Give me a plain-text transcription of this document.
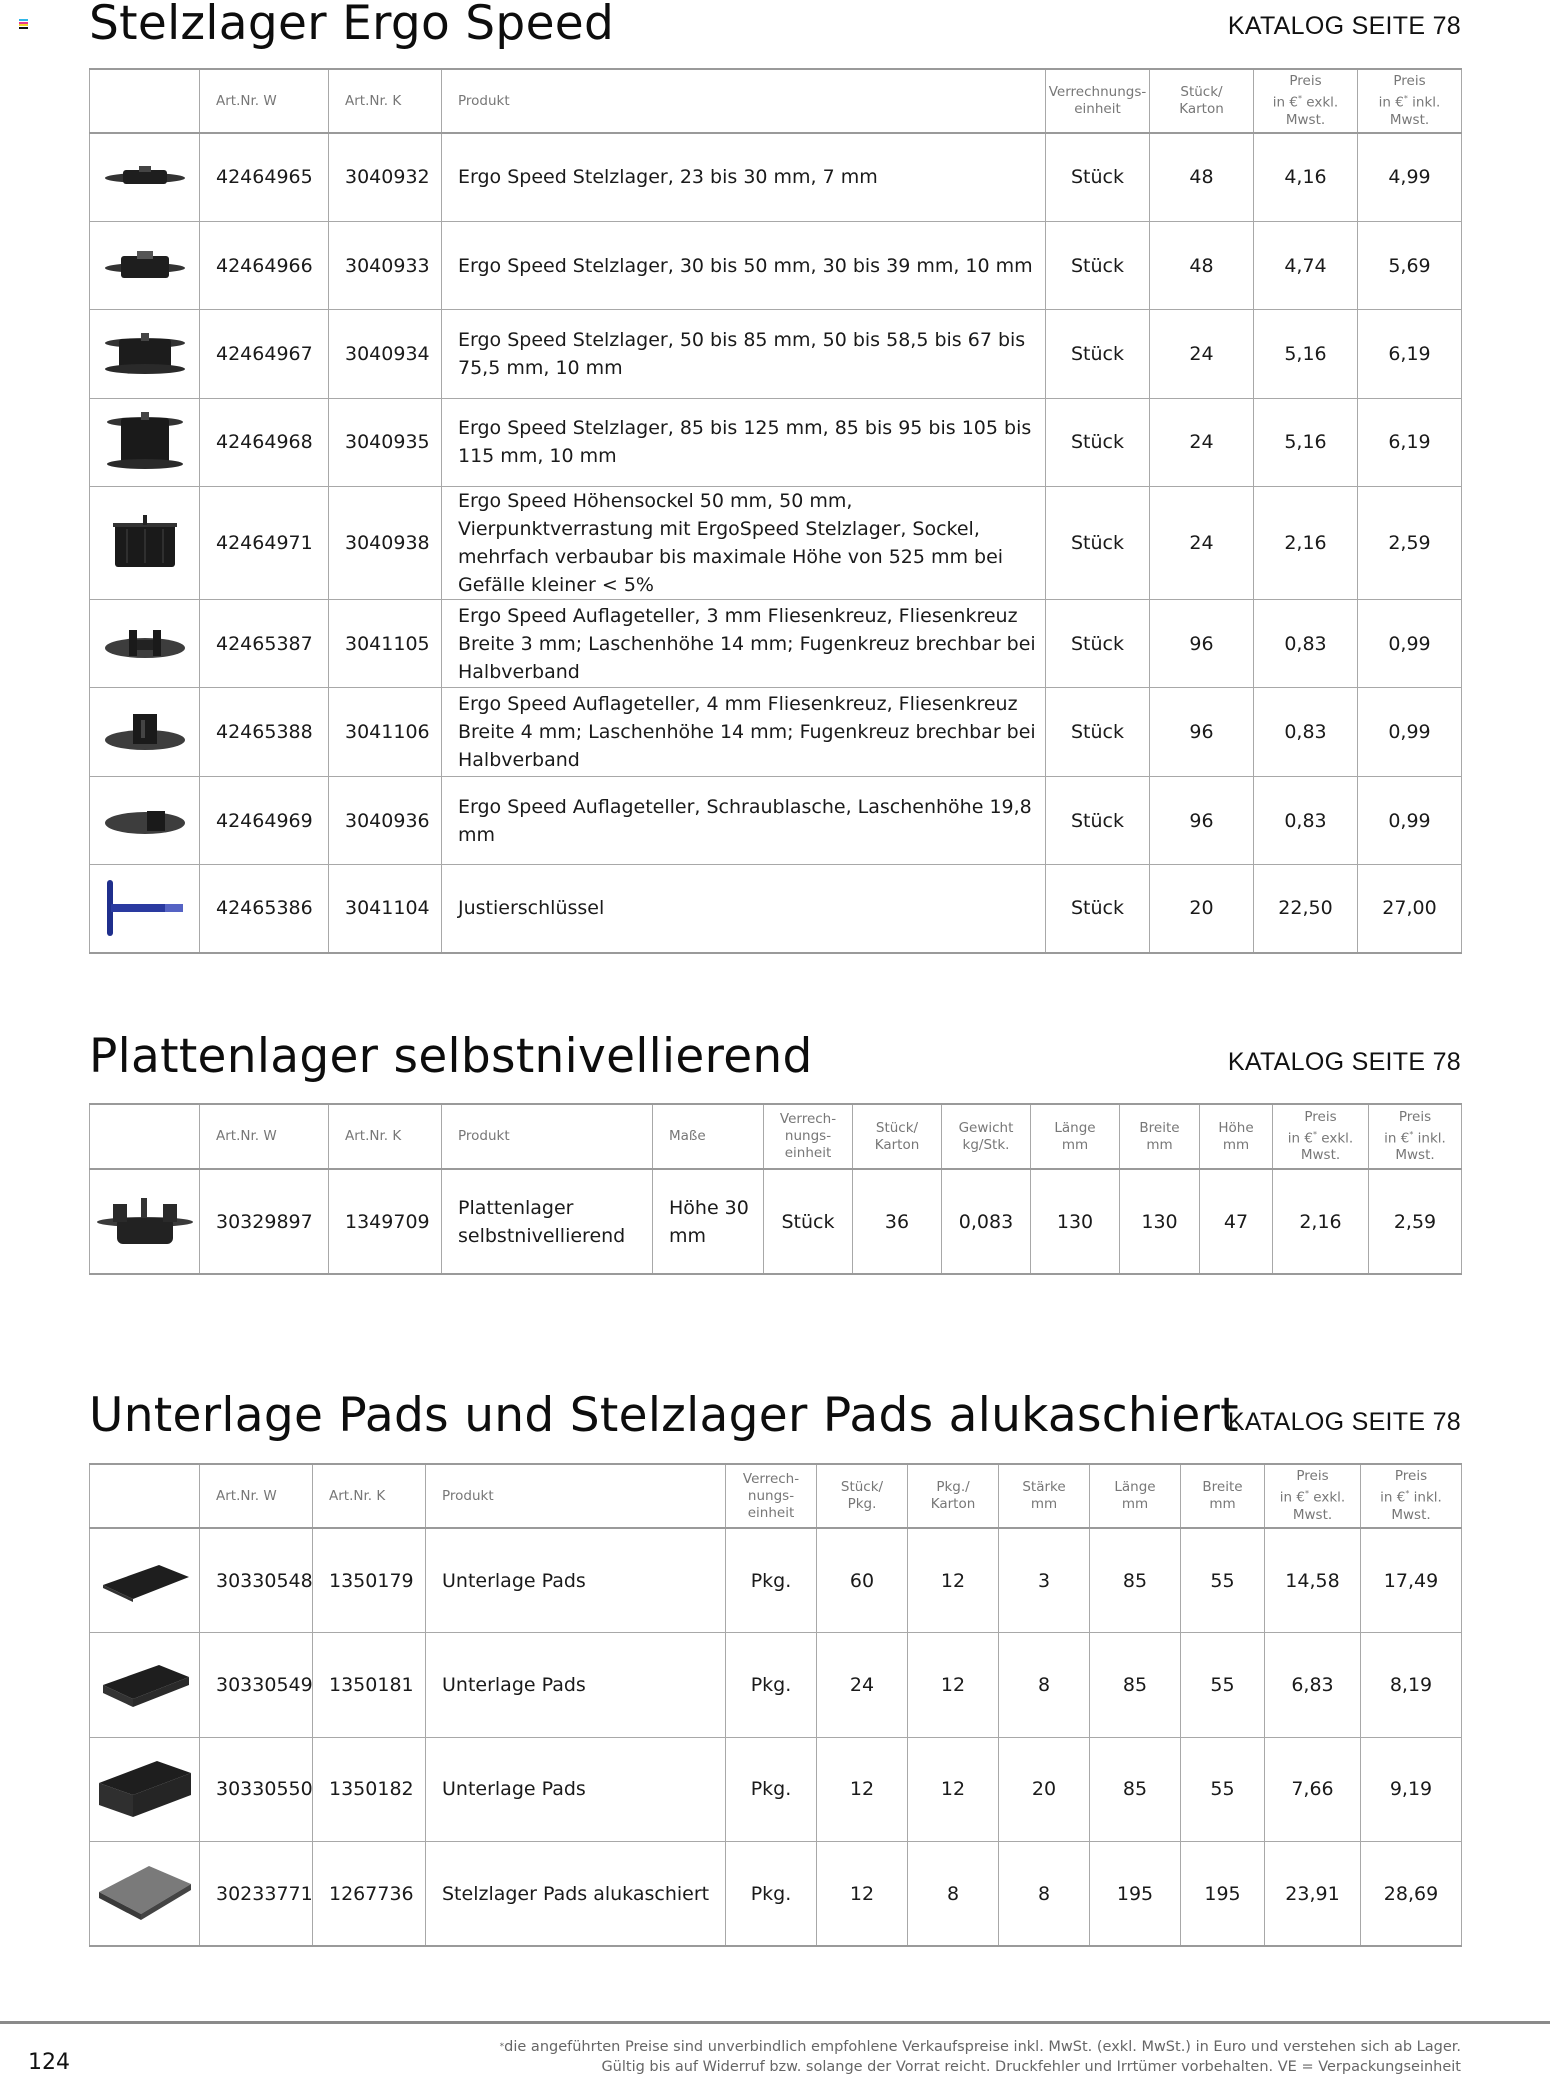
Stelzlager Ergo Speed	KATALOG SEITE 78
	Art.Nr. W	Art.Nr. K	Produkt	Verrechnungs-
einheit	Stück/
Karton	Preis
in €* exkl.
Mwst.	Preis
in €* inkl.
Mwst.

	42464965	3040932	Ergo Speed Stelzlager, 23 bis 30 mm, 7 mm	Stück	48	4,16	4,99

	42464966	3040933	Ergo Speed Stelzlager, 30 bis 50 mm, 30 bis 39 mm, 10 mm	Stück	48	4,74	5,69

	42464967	3040934	Ergo Speed Stelzlager, 50 bis 85 mm, 50 bis 58,5 bis 67 bis 75,5 mm, 10 mm	Stück	24	5,16	6,19

	42464968	3040935	Ergo Speed Stelzlager, 85 bis 125 mm, 85 bis 95 bis 105 bis 115 mm, 10 mm	Stück	24	5,16	6,19

	42464971	3040938	Ergo Speed Höhensockel 50 mm, 50 mm, Vierpunktverrastung mit ErgoSpeed Stelzlager, Sockel, mehrfach verbaubar bis maximale Höhe von 525 mm bei Gefälle kleiner < 5%	Stück	24	2,16	2,59

	42465387	3041105	Ergo Speed Auflageteller, 3 mm Fliesenkreuz, Fliesenkreuz Breite 3 mm; Laschenhöhe 14 mm; Fugenkreuz brechbar bei Halbverband	Stück	96	0,83	0,99

	42465388	3041106	Ergo Speed Auflageteller, 4 mm Fliesenkreuz, Fliesenkreuz Breite 4 mm; Laschenhöhe 14 mm; Fugenkreuz brechbar bei Halbverband	Stück	96	0,83	0,99

	42464969	3040936	Ergo Speed Auflageteller, Schraublasche, Laschenhöhe 19,8 mm	Stück	96	0,83	0,99

	42465386	3041104	Justierschlüssel	Stück	20	22,50	27,00
Plattenlager selbstnivellierend	KATALOG SEITE 78
	Art.Nr. W	Art.Nr. K	Produkt	Maße	Verrech-
nungs-
einheit	Stück/
Karton	Gewicht
kg/Stk.	Länge
mm	Breite
mm	Höhe
mm	Preis
in €* exkl.
Mwst.	Preis
in €* inkl.
Mwst.

	30329897	1349709	Plattenlager selbstnivellierend	Höhe 30 mm	Stück	36	0,083	130	130	47	2,16	2,59
Unterlage Pads und Stelzlager Pads alukaschiert
KATALOG SEITE 78
	Art.Nr. W	Art.Nr. K	Produkt	Verrech-
nungs-
einheit	Stück/
Pkg.	Pkg./
Karton	Stärke
mm	Länge
mm	Breite
mm	Preis
in €* exkl.
Mwst.	Preis
in €* inkl.
Mwst.

	30330548	1350179	Unterlage Pads	Pkg.	60	12	3	85	55	14,58	17,49

	30330549	1350181	Unterlage Pads	Pkg.	24	12	8	85	55	6,83	8,19

	30330550	1350182	Unterlage Pads	Pkg.	12	12	20	85	55	7,66	9,19

	30233771	1267736	Stelzlager Pads alukaschiert	Pkg.	12	8	8	195	195	23,91	28,69
124
*die angeführten Preise sind unverbindlich empfohlene Verkaufspreise inkl. MwSt. (exkl. MwSt.) in Euro und verstehen sich ab Lager.
Gültig bis auf Widerruf bzw. solange der Vorrat reicht. Druckfehler und Irrtümer vorbehalten. VE = Verpackungseinheit
